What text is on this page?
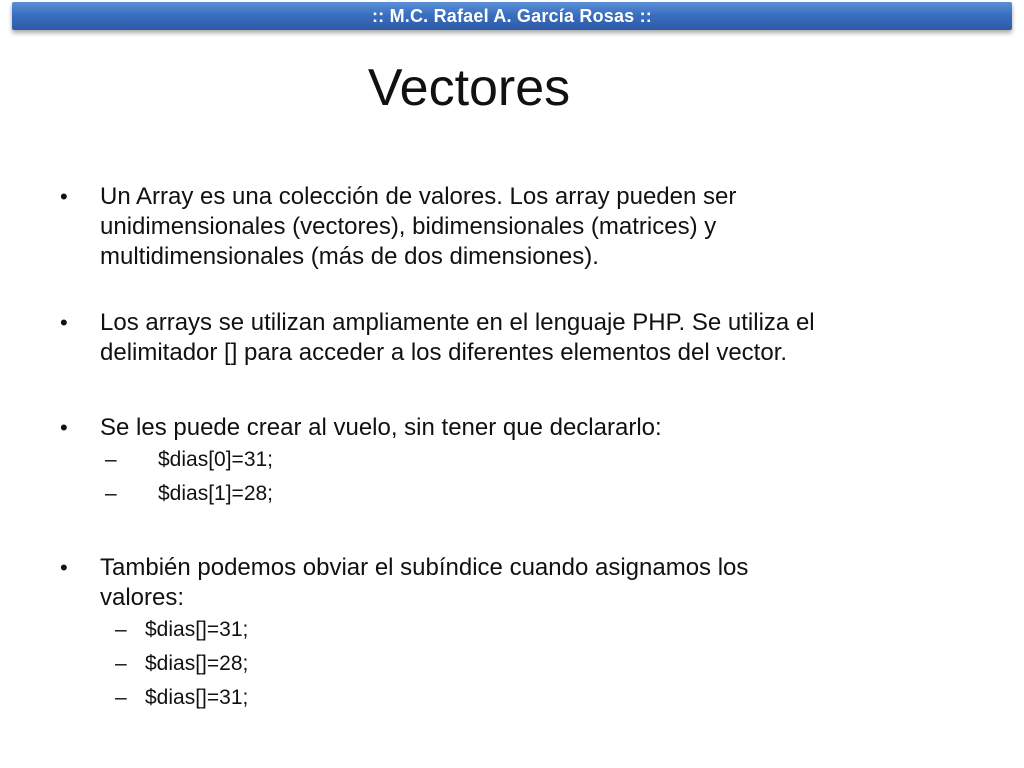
:: M.C. Rafael A. García Rosas ::
Vectores
•	Un Array es una colección de valores. Los array pueden ser
unidimensionales (vectores), bidimensionales (matrices) y
multidimensionales (más de dos dimensiones).
•	Los arrays se utilizan ampliamente en el lenguaje PHP. Se utiliza el
delimitador [] para acceder a los diferentes elementos del vector.
•	Se les puede crear al vuelo, sin tener que declararlo:
– $dias[0]=31;
– $dias[1]=28;
•	También podemos obviar el subíndice cuando asignamos los
valores:
– $dias[]=31;
– $dias[]=28;
– $dias[]=31;
